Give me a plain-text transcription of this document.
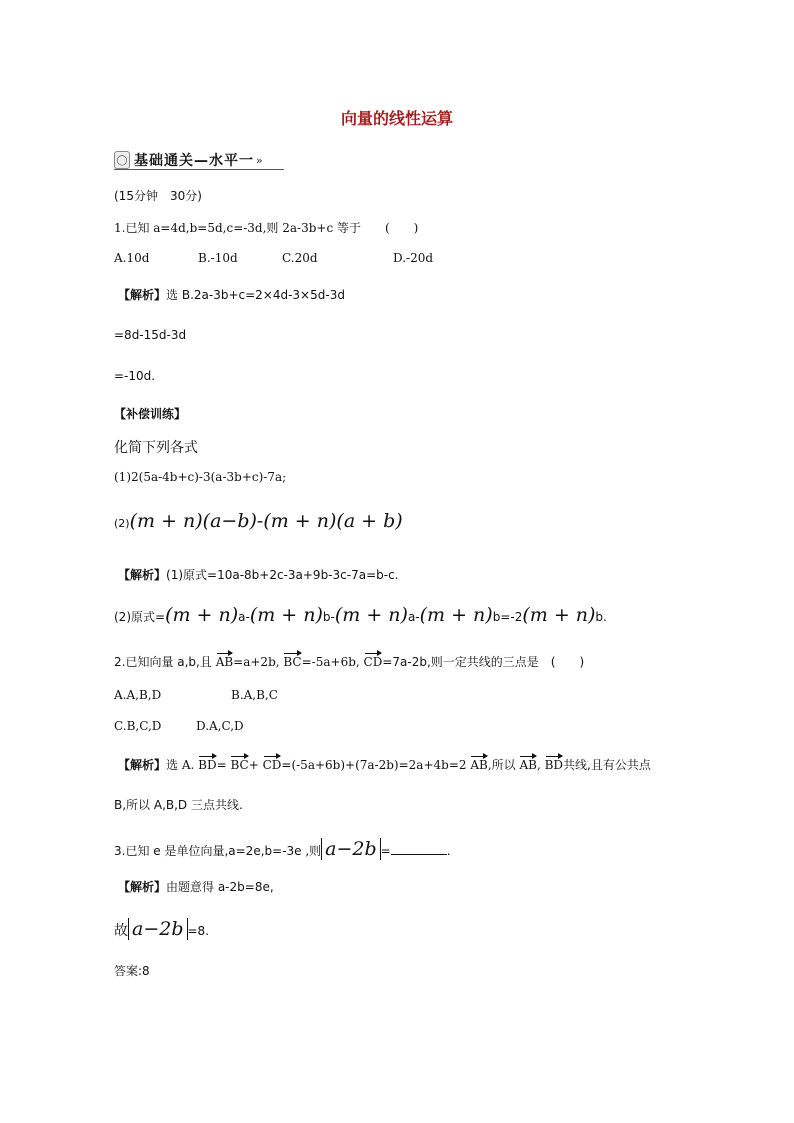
向量的线性运算
◯ 基础通关—水平一 »
(15分钟　30分)
1.已知 a=4d,b=5d,c=-3d,则 2a-3b+c 等于　　(　　)
A.10d	B.-10d	C.20d	D.-20d
【解析】选 B.2a-3b+c=2×4d-3×5d-3d
=8d-15d-3d
=-10d.
【补偿训练】
化简下列各式
(1)2(5a-4b+c)-3(a-3b+c)-7a;
(2)(m + n)(a−b)-(m + n)(a + b)
【解析】(1)原式=10a-8b+2c-3a+9b-3c-7a=b-c.
(2)原式=(m + n)a-(m + n)b-(m + n)a-(m + n)b=-2(m + n)b.
2.已知向量 a,b,且 AB=a+2b, BC=-5a+6b, CD=7a-2b,则一定共线的三点是　(　　)
A.A,B,D	B.A,B,C
C.B,C,D	D.A,C,D
【解析】选 A. BD= BC+ CD=(-5a+6b)+(7a-2b)=2a+4b=2 AB,所以 AB, BD共线,且有公共点
B,所以 A,B,D 三点共线.
3.已知 e 是单位向量,a=2e,b=-3e ,则 a−2b =	.
【解析】由题意得 a-2b=8e,
故 a−2b =8.
答案:8
